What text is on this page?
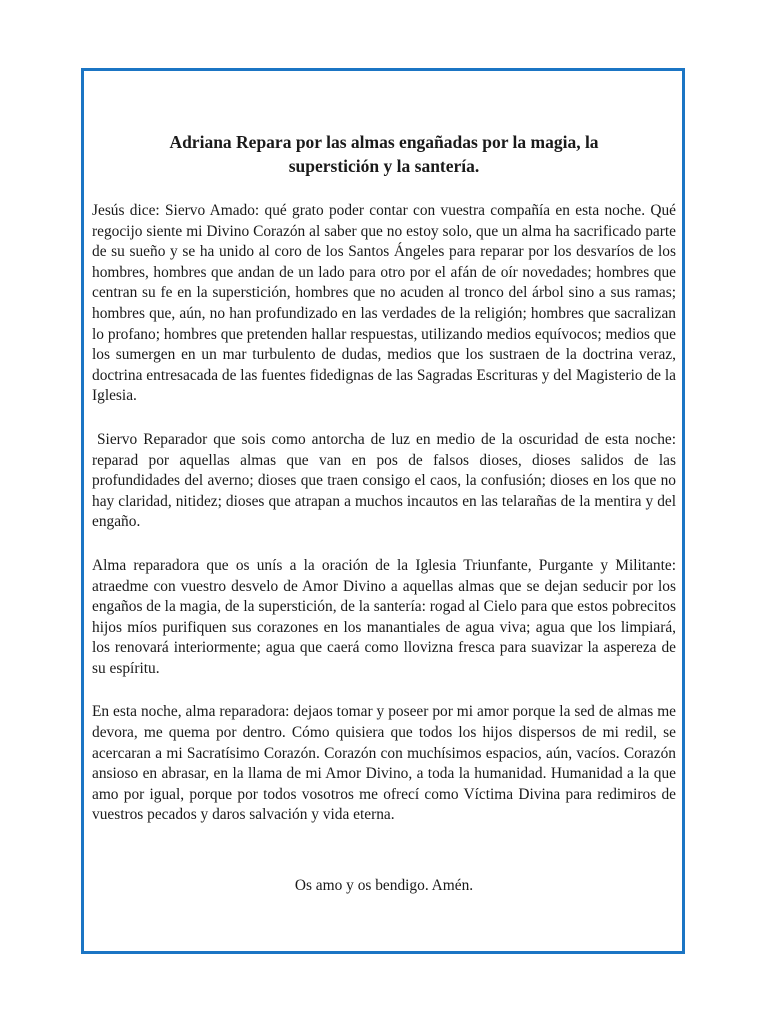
Adriana Repara por las almas engañadas por la magia, la superstición y la santería.

Jesús dice: Siervo Amado: qué grato poder contar con vuestra compañía en esta noche. Qué regocijo siente mi Divino Corazón al saber que no estoy solo, que un alma ha sacrificado parte de su sueño y se ha unido al coro de los Santos Ángeles para reparar por los desvaríos de los hombres, hombres que andan de un lado para otro por el afán de oír novedades; hombres que centran su fe en la superstición, hombres que no acuden al tronco del árbol sino a sus ramas; hombres que, aún, no han profundizado en las verdades de la religión; hombres que sacralizan lo profano; hombres que pretenden hallar respuestas, utilizando medios equívocos; medios que los sumergen en un mar turbulento de dudas, medios que los sustraen de la doctrina veraz, doctrina entresacada de las fuentes fidedignas de las Sagradas Escrituras y del Magisterio de la Iglesia.

Siervo Reparador que sois como antorcha de luz en medio de la oscuridad de esta noche: reparad por aquellas almas que van en pos de falsos dioses, dioses salidos de las profundidades del averno; dioses que traen consigo el caos, la confusión; dioses en los que no hay claridad, nitidez; dioses que atrapan a muchos incautos en las telarañas de la mentira y del engaño.

Alma reparadora que os unís a la oración de la Iglesia Triunfante, Purgante y Militante: atraedme con vuestro desvelo de Amor Divino a aquellas almas que se dejan seducir por los engaños de la magia, de la superstición, de la santería: rogad al Cielo para que estos pobrecitos hijos míos purifiquen sus corazones en los manantiales de agua viva; agua que los limpiará, los renovará interiormente; agua que caerá como llovizna fresca para suavizar la aspereza de su espíritu.

En esta noche, alma reparadora: dejaos tomar y poseer por mi amor porque la sed de almas me devora, me quema por dentro. Cómo quisiera que todos los hijos dispersos de mi redil, se acercaran a mi Sacratísimo Corazón. Corazón con muchísimos espacios, aún, vacíos. Corazón ansioso en abrasar, en la llama de mi Amor Divino, a toda la humanidad. Humanidad a la que amo por igual, porque por todos vosotros me ofrecí como Víctima Divina para redimiros de vuestros pecados y daros salvación y vida eterna.

Os amo y os bendigo. Amén.
